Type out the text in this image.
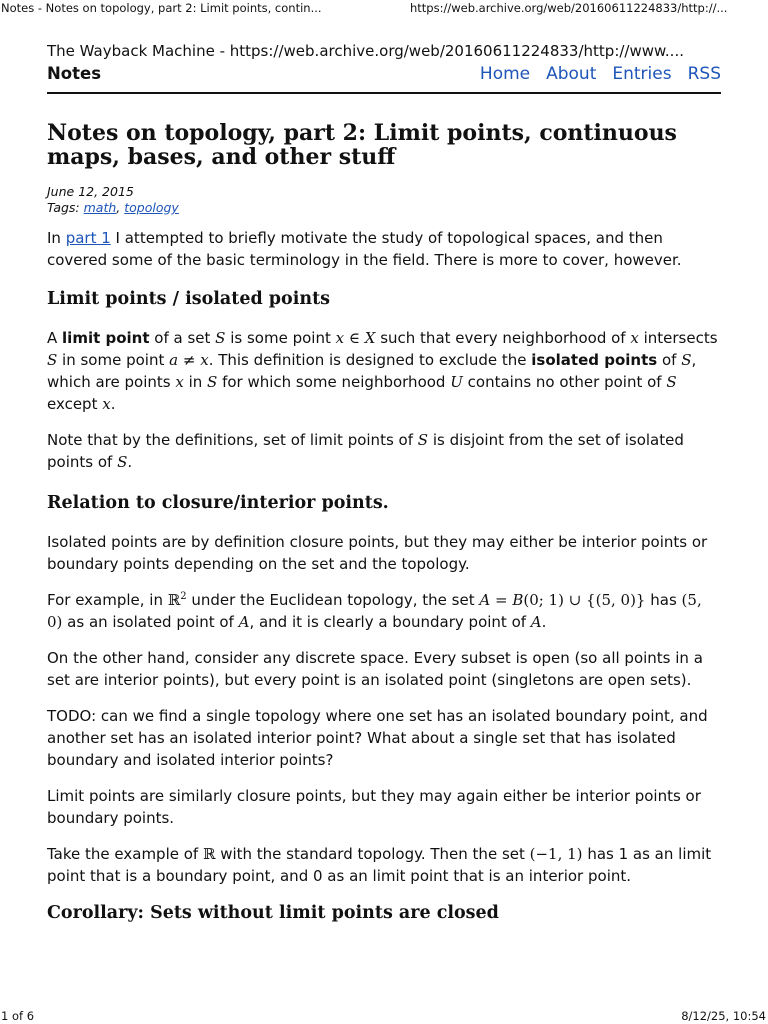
Notes - Notes on topology, part 2: Limit points, contin...	https://web.archive.org/web/20160611224833/http://...
The Wayback Machine - https://web.archive.org/web/20160611224833/http://www....
Notes	Home About Entries RSS
Notes on topology, part 2: Limit points, continuous maps, bases, and other stuff
June 12, 2015
Tags: math, topology

In part 1 I attempted to briefly motivate the study of topological spaces, and then covered some of the basic terminology in the field. There is more to cover, however.

Limit points / isolated points

A limit point of a set S is some point x ∈ X such that every neighborhood of x intersects S in some point a ≠ x. This definition is designed to exclude the isolated points of S, which are points x in S for which some neighborhood U contains no other point of S except x.

Note that by the definitions, set of limit points of S is disjoint from the set of isolated points of S.

Relation to closure/interior points.

Isolated points are by definition closure points, but they may either be interior points or boundary points depending on the set and the topology.

For example, in ℝ$^2$ under the Euclidean topology, the set A = B(0; 1) ∪ {(5, 0)} has (5, 0) as an isolated point of A, and it is clearly a boundary point of A.

On the other hand, consider any discrete space. Every subset is open (so all points in a set are interior points), but every point is an isolated point (singletons are open sets).

TODO: can we find a single topology where one set has an isolated boundary point, and another set has an isolated interior point? What about a single set that has isolated boundary and isolated interior points?

Limit points are similarly closure points, but they may again either be interior points or boundary points.

Take the example of ℝ with the standard topology. Then the set (−1, 1) has 1 as an limit point that is a boundary point, and 0 as an limit point that is an interior point.

Corollary: Sets without limit points are closed
1 of 6	8/12/25, 10:54
